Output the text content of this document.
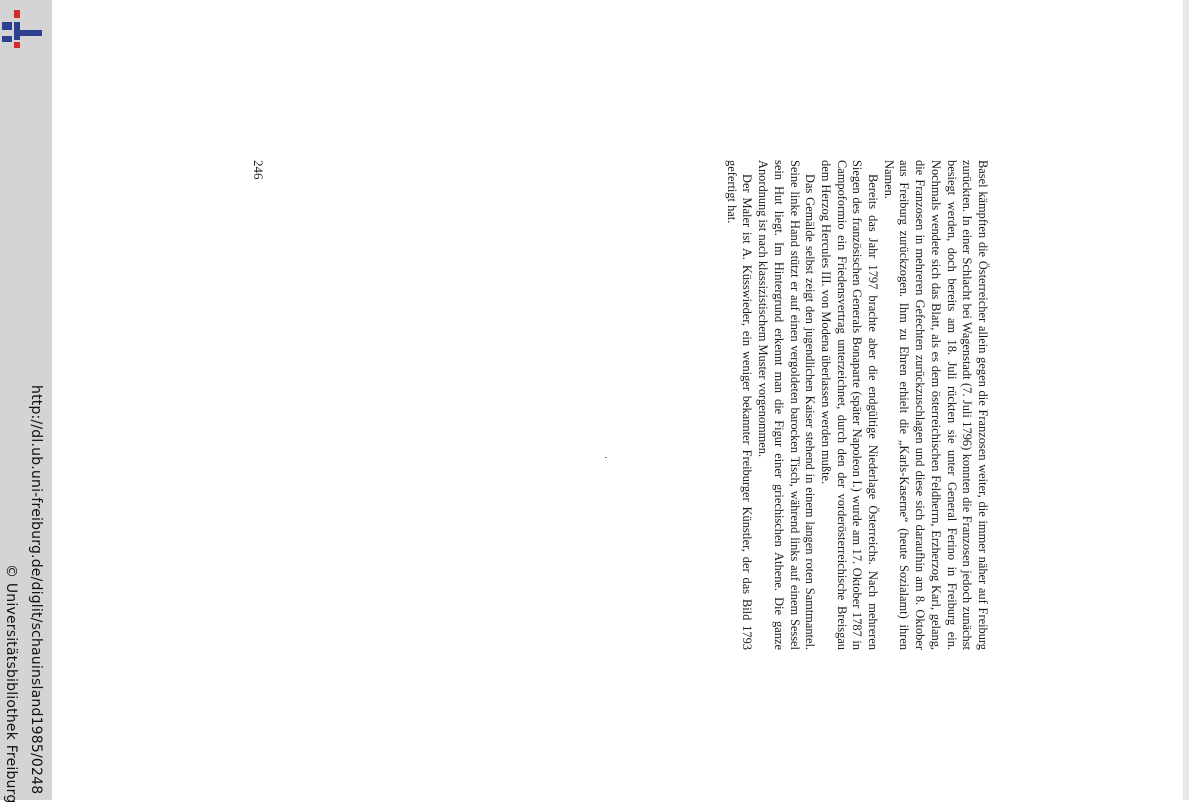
http://dl.ub.uni-freiburg.de/diglit/schauinsland1985/0248
© Universitätsbibliothek Freiburg
246	Basel kämpften die Österreicher allein gegen die Franzosen weiter, die immer näher auf Freiburg zurückten. In einer Schlacht bei Wagenstadt (7. Juli 1796) konnten die Franzosen jedoch zunächst besiegt werden, doch bereits am 18. Juli rückten sie unter General Ferino in Freiburg ein. Nochmals wendete sich das Blatt, als es dem österreichischen Feldherrn, Erzherzog Karl, gelang, die Franzosen in mehreren Gefechten zurückzuschlagen und diese sich daraufhin am 8. Oktober aus Freiburg zurückzogen. Ihm zu Ehren erhielt die „Karls-Kaserne“ (heute Sozialamt) ihren Namen.

Bereits das Jahr 1797 brachte aber die endgültige Niederlage Österreichs. Nach mehreren Siegen des französischen Generals Bonaparte (später Napoleon I.) wurde am 17. Oktober 1787 in Campoformio ein Friedensvertrag unterzeichnet, durch den der vorderösterreichische Breisgau dem Herzog Hercules III. von Modena überlassen werden mußte.

Das Gemälde selbst zeigt den jugendlichen Kaiser stehend in einem langen roten Samtmantel. Seine linke Hand stützt er auf einen vergoldeten barocken Tisch, während links auf einem Sessel sein Hut liegt. Im Hintergrund erkennt man die Figur einer griechischen Athene. Die ganze Anordnung ist nach klassizistischem Muster vorgenommen.

Der Maler ist A. Küsswieder, ein weniger bekannter Freiburger Künstler, der das Bild 1793 gefertigt hat.
